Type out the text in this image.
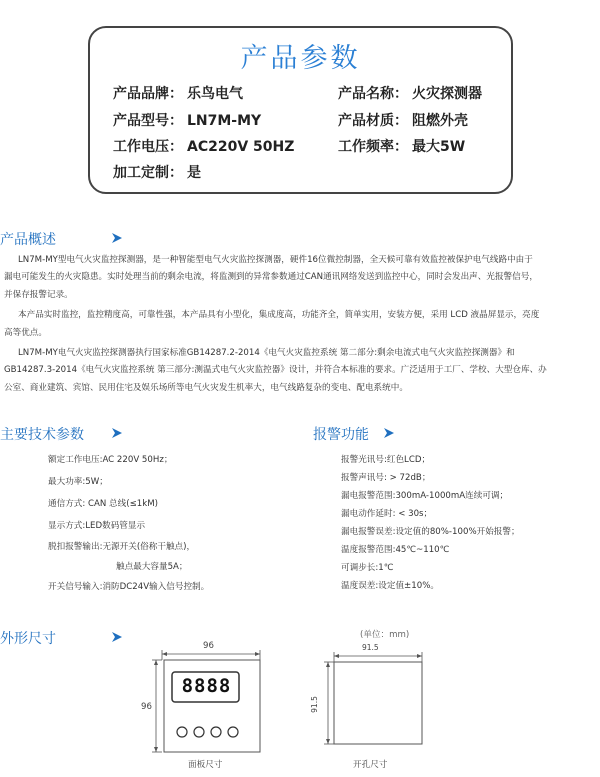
产品参数
产品品牌： 乐鸟电气	产品名称： 火灾探测器
产品型号： LN7M-MY	产品材质： 阻燃外壳
工作电压： AC220V 50HZ	工作频率： 最大5W
加工定制： 是
产品概述
LN7M-MY型电气火灾监控探测器，是一种智能型电气火灾监控探测器，硬件16位微控制器，全天候可靠有效监控被保护电气线路中由于
漏电可能发生的火灾隐患。实时处理当前的剩余电流，将监测到的异常参数通过CAN通讯网络发送到监控中心，同时会发出声、光报警信号，
并保存报警记录。
本产品实时监控，监控精度高，可靠性强，本产品具有小型化，集成度高，功能齐全，简单实用，安装方便，采用 LCD 液晶屏显示，亮度
高等优点。
LN7M-MY电气火灾监控探测器执行国家标准GB14287.2-2014《电气火灾监控系统 第二部分:剩余电流式电气火灾监控探测器》和
GB14287.3-2014《电气火灾监控系统 第三部分:测温式电气火灾监控器》设计，并符合本标准的要求。广泛适用于工厂、学校、大型仓库、办
公室、商业建筑、宾馆、民用住宅及娱乐场所等电气火灾发生机率大，电气线路复杂的变电、配电系统中。
主要技术参数
额定工作电压:AC 220V 50Hz；
最大功率:5W；
通信方式: CAN 总线(≤1kM)
显示方式:LED数码管显示
脱扣报警输出:无源开关(俗称干触点)，
触点最大容量5A；
开关信号输入:消防DC24V输入信号控制。
报警功能
报警光讯号:红色LCD；
报警声讯号: > 72dB；
漏电报警范围:300mA-1000mA连续可调；
漏电动作延时: < 30s；
漏电报警误差:设定值的80%-100%开始报警；
温度报警范围:45℃~110℃
可调步长:1℃
温度误差:设定值±10%。
外形尺寸	(单位：mm)
96
96
8888
面板尺寸
91.5
91.5
开孔尺寸
